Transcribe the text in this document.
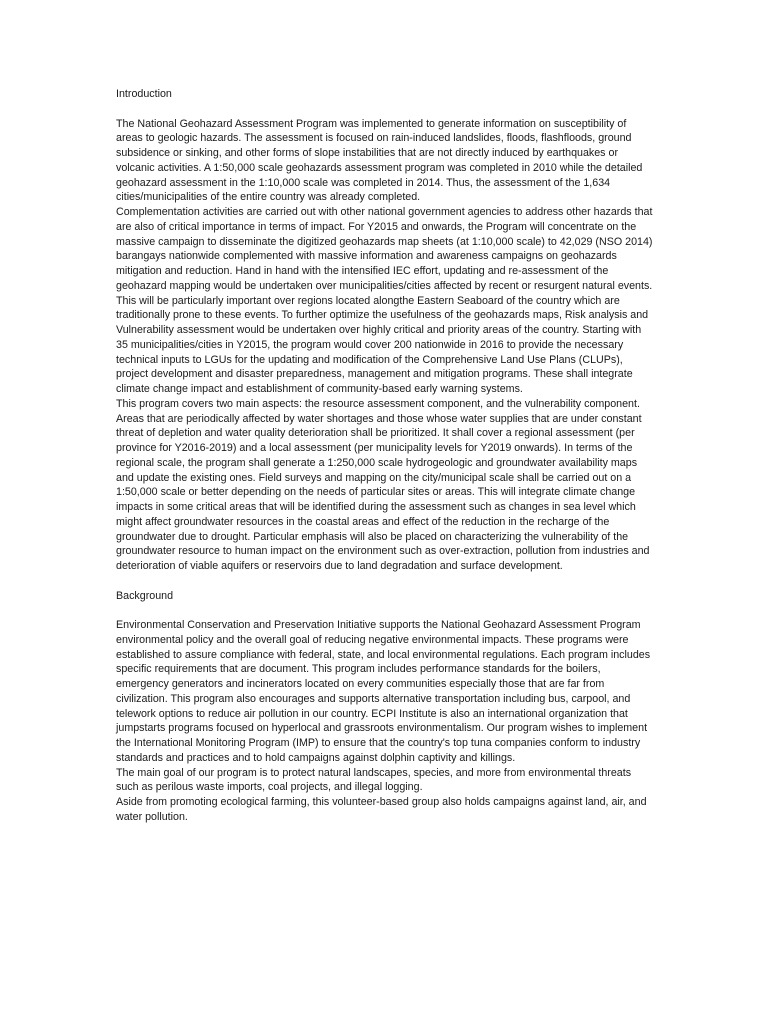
Introduction

The National Geohazard Assessment Program was implemented to generate information on susceptibility of areas to geologic hazards. The assessment is focused on rain-induced landslides, floods, flashfloods, ground subsidence or sinking, and other forms of slope instabilities that are not directly induced by earthquakes or volcanic activities. A 1:50,000 scale geohazards assessment program was completed in 2010 while the detailed geohazard assessment in the 1:10,000 scale was completed in 2014. Thus, the assessment of the 1,634 cities/municipalities of the entire country was already completed.

Complementation activities are carried out with other national government agencies to address other hazards that are also of critical importance in terms of impact. For Y2015 and onwards, the Program will concentrate on the massive campaign to disseminate the digitized geohazards map sheets (at 1:10,000 scale) to 42,029 (NSO 2014) barangays nationwide complemented with massive information and awareness campaigns on geohazards mitigation and reduction. Hand in hand with the intensified IEC effort, updating and re-assessment of the geohazard mapping would be undertaken over municipalities/cities affected by recent or resurgent natural events. This will be particularly important over regions located alongthe Eastern Seaboard of the country which are traditionally prone to these events. To further optimize the usefulness of the geohazards maps, Risk analysis and Vulnerability assessment would be undertaken over highly critical and priority areas of the country. Starting with 35 municipalities/cities in Y2015, the program would cover 200 nationwide in 2016 to provide the necessary technical inputs to LGUs for the updating and modification of the Comprehensive Land Use Plans (CLUPs), project development and disaster preparedness, management and mitigation programs. These shall integrate climate change impact and establishment of community-based early warning systems.

This program covers two main aspects: the resource assessment component, and the vulnerability component. Areas that are periodically affected by water shortages and those whose water supplies that are under constant threat of depletion and water quality deterioration shall be prioritized. It shall cover a regional assessment (per province for Y2016-2019) and a local assessment (per municipality levels for Y2019 onwards). In terms of the regional scale, the program shall generate a 1:250,000 scale hydrogeologic and groundwater availability maps and update the existing ones. Field surveys and mapping on the city/municipal scale shall be carried out on a 1:50,000 scale or better depending on the needs of particular sites or areas. This will integrate climate change impacts in some critical areas that will be identified during the assessment such as changes in sea level which might affect groundwater resources in the coastal areas and effect of the reduction in the recharge of the groundwater due to drought. Particular emphasis will also be placed on characterizing the vulnerability of the groundwater resource to human impact on the environment such as over-extraction, pollution from industries and deterioration of viable aquifers or reservoirs due to land degradation and surface development.

Background

Environmental Conservation and Preservation Initiative supports the National Geohazard Assessment Program environmental policy and the overall goal of reducing negative environmental impacts. These programs were established to assure compliance with federal, state, and local environmental regulations. Each program includes specific requirements that are document. This program includes performance standards for the boilers, emergency generators and incinerators located on every communities especially those that are far from civilization. This program also encourages and supports alternative transportation including bus, carpool, and telework options to reduce air pollution in our country. ECPI Institute is also an international organization that jumpstarts programs focused on hyperlocal and grassroots environmentalism. Our program wishes to implement the International Monitoring Program (IMP) to ensure that the country's top tuna companies conform to industry standards and practices and to hold campaigns against dolphin captivity and killings.

The main goal of our program is to protect natural landscapes, species, and more from environmental threats such as perilous waste imports, coal projects, and illegal logging.

Aside from promoting ecological farming, this volunteer-based group also holds campaigns against land, air, and water pollution.
